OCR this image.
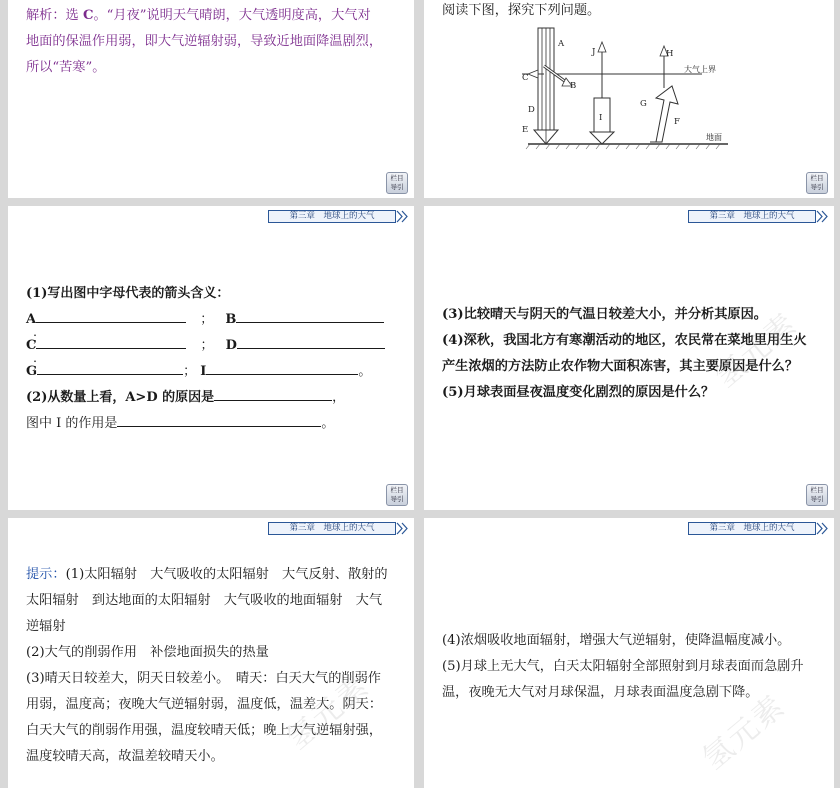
解析：选 C。“月夜”说明天气晴朗，大气透明度高，大气对
地面的保温作用弱，即大气逆辐射弱，导致近地面降温剧烈，
所以“苦寒”。
栏目
导引
阅读下图，探究下列问题。
A
C
B
D
E
J
I
H
G
F
大气上界
地面
栏目
导引
第三章　地球上的大气
(1)写出图中字母代表的箭头含义：
A	； B ；
C	； D ；
G	； I	。
(2)从数量上看，A>D 的原因是	，
图中 I 的作用是	。
栏目
导引
第三章　地球上的大气
(3)比较晴天与阴天的气温日较差大小，并分析其原因。
(4)深秋，我国北方有寒潮活动的地区，农民常在菜地里用生火
产生浓烟的方法防止农作物大面积冻害，其主要原因是什么？
(5)月球表面昼夜温度变化剧烈的原因是什么？
氢元素
栏目
导引
第三章　地球上的大气
提示：(1)太阳辐射　大气吸收的太阳辐射　大气反射、散射的
太阳辐射　到达地面的太阳辐射　大气吸收的地面辐射　大气
逆辐射
(2)大气的削弱作用　补偿地面损失的热量
(3)晴天日较差大，阴天日较差小。　晴天：白天大气的削弱作
用弱，温度高；夜晚大气逆辐射弱，温度低，温差大。阴天：
白天大气的削弱作用强，温度较晴天低；晚上大气逆辐射强，
温度较晴天高，故温差较晴天小。	氢元素
第三章　地球上的大气
(4)浓烟吸收地面辐射，增强大气逆辐射，使降温幅度减小。
(5)月球上无大气，白天太阳辐射全部照射到月球表面而急剧升
温，夜晚无大气对月球保温，月球表面温度急剧下降。
氢元素
